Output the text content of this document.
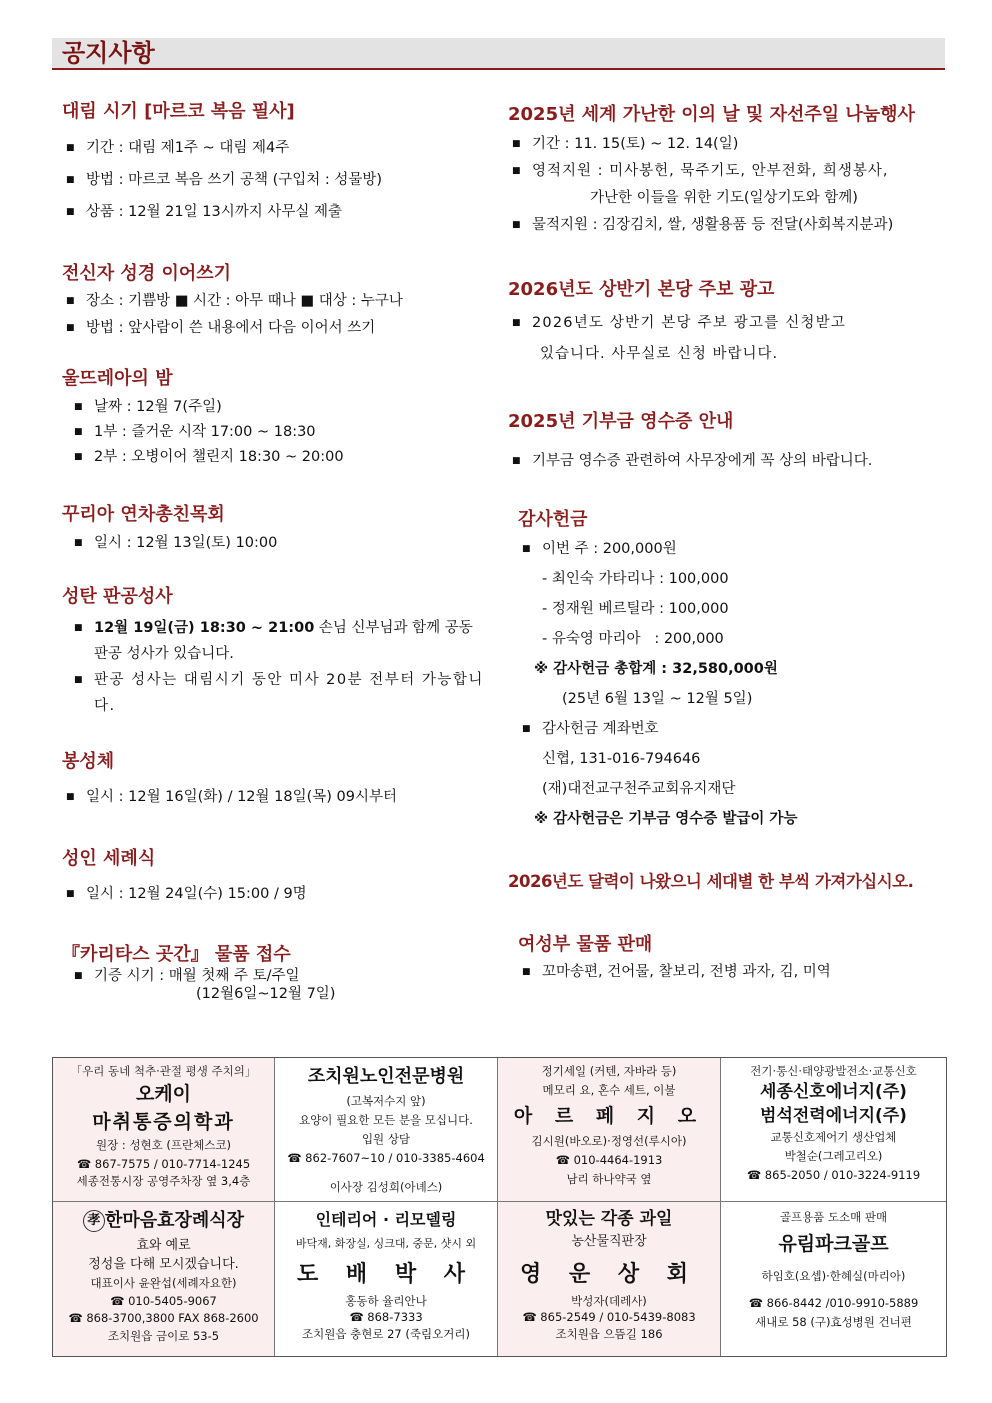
공지사항
대림 시기 [마르코 복음 필사]
■ 기간 : 대림 제1주 ~ 대림 제4주
■ 방법 : 마르코 복음 쓰기 공책 (구입처 : 성물방)
■ 상품 : 12월 21일 13시까지 사무실 제출
전신자 성경 이어쓰기
■ 장소 : 기쁨방 ■ 시간 : 아무 때나 ■ 대상 : 누구나
■ 방법 : 앞사람이 쓴 내용에서 다음 이어서 쓰기
울뜨레아의 밤
■ 날짜 : 12월 7(주일)
■ 1부 : 즐거운 시작 17:00 ~ 18:30
■ 2부 : 오병이어 챌린지 18:30 ~ 20:00
꾸리아 연차총친목회
■ 일시 : 12월 13일(토) 10:00
성탄 판공성사
■ 12월 19일(금) 18:30 ~ 21:00 손님 신부님과 함께 공동 판공 성사가 있습니다.
■ 판공 성사는 대림시기 동안 미사 20분 전부터 가능합니다.
봉성체
■ 일시 : 12월 16일(화) / 12월 18일(목) 09시부터
성인 세례식
■ 일시 : 12월 24일(수) 15:00 / 9명
『카리타스 곳간』 물품 접수
■ 기증 시기 : 매월 첫째 주 토/주일
(12월6일~12월 7일)
2025년 세계 가난한 이의 날 및 자선주일 나눔행사
■ 기간 : 11. 15(토) ~ 12. 14(일)
■ 영적지원 : 미사봉헌, 묵주기도, 안부전화, 희생봉사,
가난한 이들을 위한 기도(일상기도와 함께)
■ 물적지원 : 김장김치, 쌀, 생활용품 등 전달(사회복지분과)
2026년도 상반기 본당 주보 광고
■ 2026년도 상반기 본당 주보 광고를 신청받고
있습니다. 사무실로 신청 바랍니다.
2025년 기부금 영수증 안내
■ 기부금 영수증 관련하여 사무장에게 꼭 상의 바랍니다.
감사헌금
■ 이번 주 : 200,000원
- 최인숙 가타리나 : 100,000
- 정재원 베르틸라 : 100,000
- 유숙영 마리아   : 200,000
※ 감사헌금 총합계 : 32,580,000원
(25년 6월 13일 ~ 12월 5일)
■ 감사헌금 계좌번호
신협, 131-016-794646
(재)대전교구천주교회유지재단
※ 감사헌금은 기부금 영수증 발급이 가능
2026년도 달력이 나왔으니 세대별 한 부씩 가져가십시오.
여성부 물품 판매
■ 꼬마송편, 건어물, 찰보리, 전병 과자, 김, 미역
「우리 동네 척추·관절 평생 주치의」
오케이
마취통증의학과
원장 : 성현호 (프란체스코)
☎ 867-7575 / 010-7714-1245
세종전통시장 공영주차장 옆 3,4층
조치원노인전문병원
(고복저수지 앞)
요양이 필요한 모든 분을 모십니다.
입원 상담
☎ 862-7607~10 / 010-3385-4604
이사장 김성희(아녜스)
정기세일 (커텐, 자바라 등)
메모리 요, 혼수 세트, 이불
아 르 페 지 오
김시원(바오로)·정영선(루시아)
☎ 010-4464-1913
남리 하나약국 옆
전기·통신·태양광발전소·교통신호
세종신호에너지(주)
범석전력에너지(주)
교통신호제어기 생산업체
박철순(그레고리오)
☎ 865-2050 / 010-3224-9119
孝 한마음효장례식장
효와 예로
정성을 다해 모시겠습니다.
대표이사 윤완섭(세례자요한)
☎ 010-5405-9067
☎ 868-3700,3800 FAX 868-2600
조치원읍 금이로 53-5
인테리어 · 리모델링
바닥재, 화장실, 싱크대, 중문, 샷시 외
도 배 박 사
홍동하 율리안나
☎ 868-7333
조치원읍 충현로 27 (죽림오거리)
맛있는 각종 과일
농산물직판장
영 운 상 회
박성자(데레사)
☎ 865-2549 / 010-5439-8083
조치원읍 으뜸길 186
골프용품 도소매 판매
유림파크골프
하임호(요셉)·한혜실(마리아)
☎ 866-8442 /010-9910-5889
새내로 58 (구)효성병원 건너편
